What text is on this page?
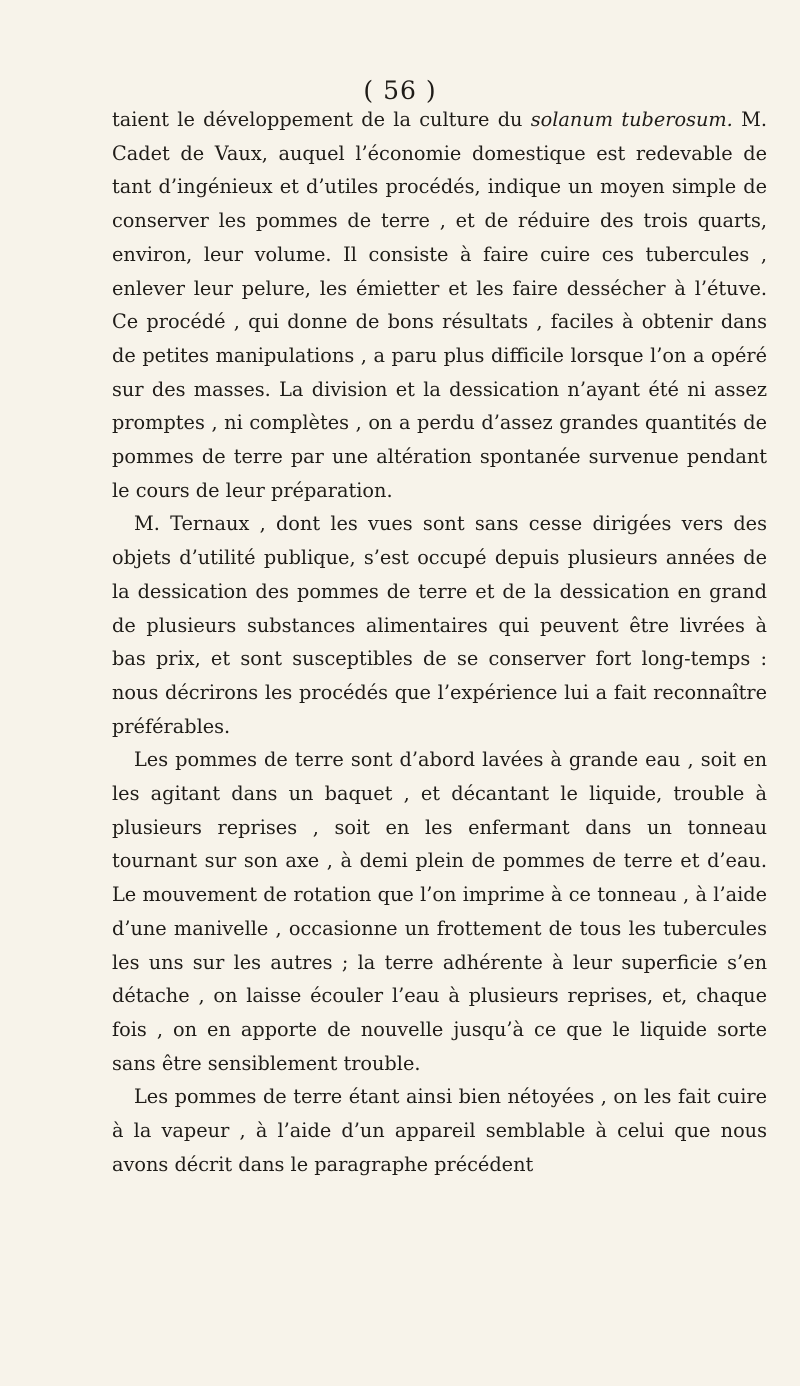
( 56 )

taient le développement de la culture du solanum tuberosum. M. Cadet de Vaux, auquel l’économie domestique est redevable de tant d’ingénieux et d’utiles procédés, indique un moyen simple de conserver les pommes de terre , et de réduire des trois quarts, environ, leur volume. Il consiste à faire cuire ces tubercules , enlever leur pelure, les émietter et les faire dessécher à l’étuve. Ce procédé , qui donne de bons résultats , faciles à obtenir dans de petites manipulations , a paru plus difficile lorsque l’on a opéré sur des masses. La division et la dessication n’ayant été ni assez promptes , ni complètes , on a perdu d’assez grandes quantités de pommes de terre par une altération spontanée survenue pendant le cours de leur préparation.

M. Ternaux , dont les vues sont sans cesse dirigées vers des objets d’utilité publique, s’est occupé depuis plusieurs années de la dessication des pommes de terre et de la dessication en grand de plusieurs substances alimentaires qui peuvent être livrées à bas prix, et sont susceptibles de se conserver fort long-temps : nous décrirons les procédés que l’expérience lui a fait reconnaître préférables.

Les pommes de terre sont d’abord lavées à grande eau , soit en les agitant dans un baquet , et décantant le liquide, trouble à plusieurs reprises , soit en les enfermant dans un tonneau tournant sur son axe , à demi plein de pommes de terre et d’eau. Le mouvement de rotation que l’on imprime à ce tonneau , à l’aide d’une manivelle , occasionne un frottement de tous les tubercules les uns sur les autres ; la terre adhérente à leur superficie s’en détache , on laisse écouler l’eau à plusieurs reprises, et, chaque fois , on en apporte de nouvelle jusqu’à ce que le liquide sorte sans être sensiblement trouble.

Les pommes de terre étant ainsi bien nétoyées , on les fait cuire à la vapeur , à l’aide d’un appareil semblable à celui que nous avons décrit dans le paragraphe précédent
